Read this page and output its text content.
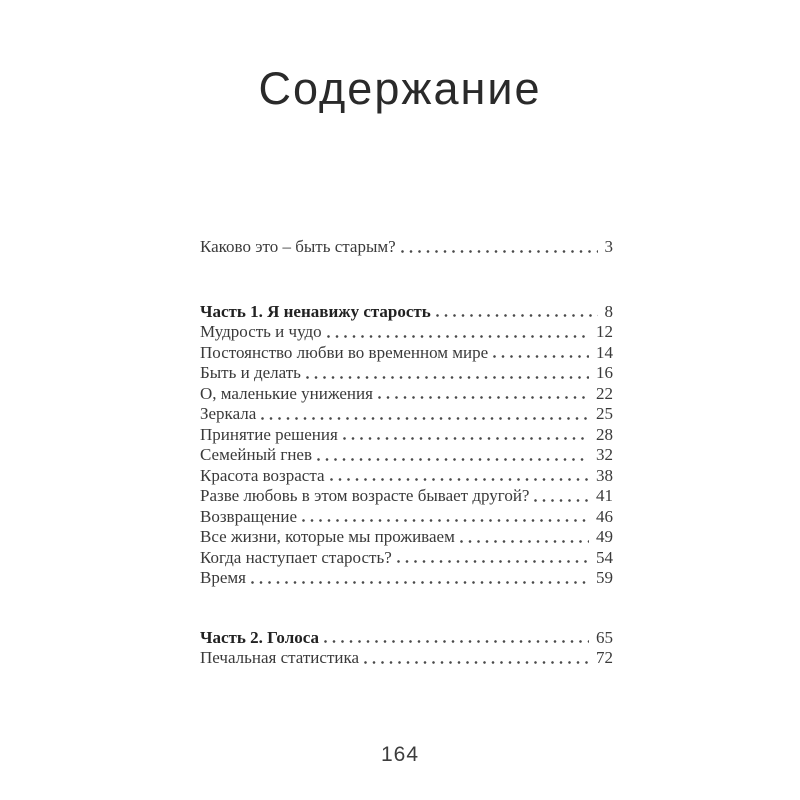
Содержание
Каково это – быть старым?	3
Часть 1. Я ненавижу старость	8
Мудрость и чудо	12
Постоянство любви во временном мире	14
Быть и делать	16
О, маленькие унижения	22
Зеркала	25
Принятие решения	28
Семейный гнев	32
Красота возраста	38
Разве любовь в этом возрасте бывает другой?	41
Возвращение	46
Все жизни, которые мы проживаем	49
Когда наступает старость?	54
Время	59
Часть 2. Голоса	65
Печальная статистика	72
164
